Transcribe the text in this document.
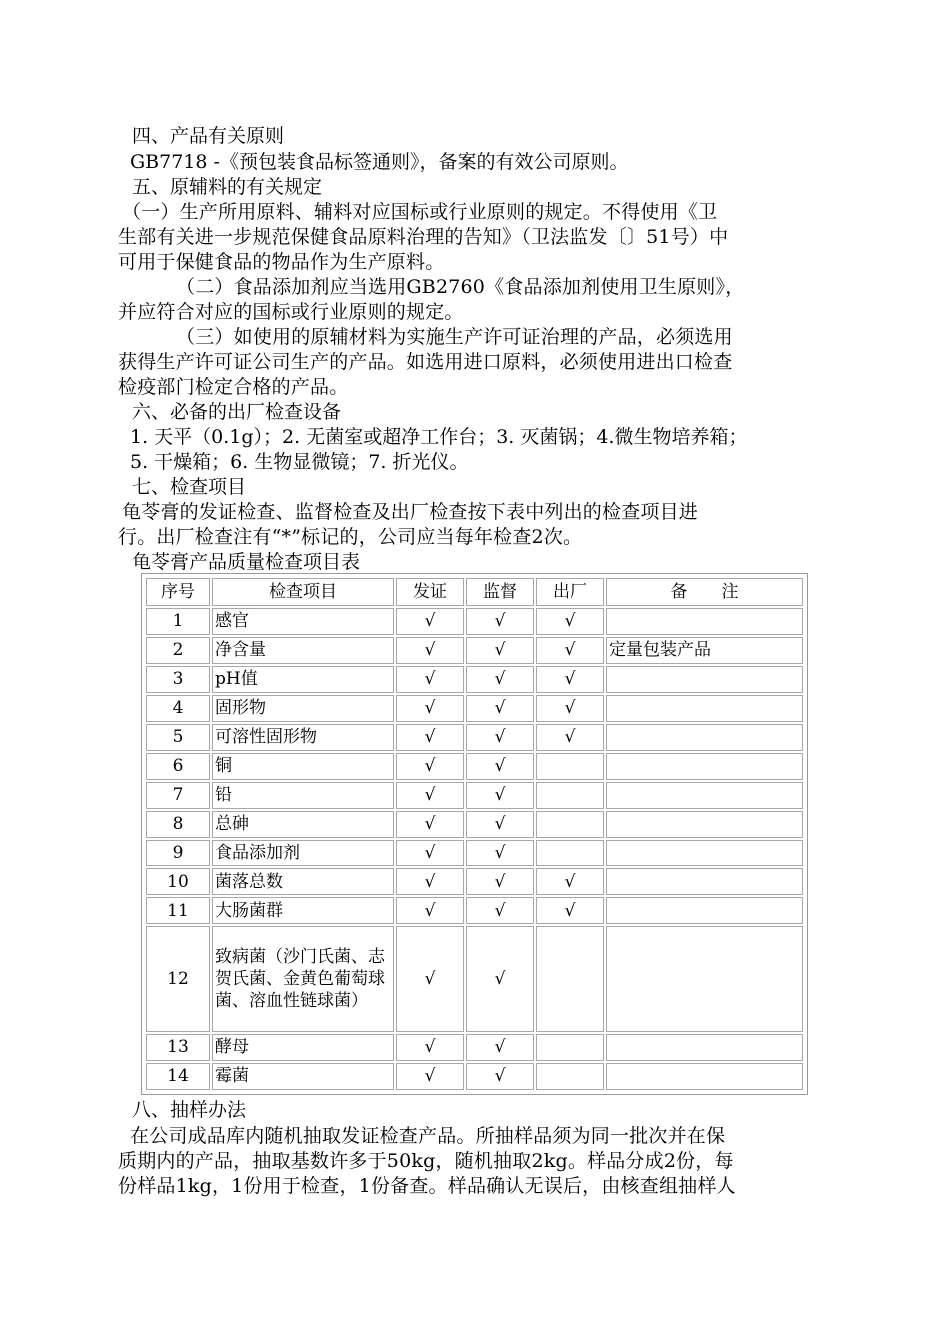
四、产品有关原则
GB7718 -《预包装食品标签通则》，备案的有效公司原则。
五、原辅料的有关规定
（一）生产所用原料、辅料对应国标或行业原则的规定。不得使用《卫
生部有关进一步规范保健食品原料治理的告知》（卫法监发〔〕51号）中
可用于保健食品的物品作为生产原料。
（二）食品添加剂应当选用GB2760《食品添加剂使用卫生原则》，
并应符合对应的国标或行业原则的规定。
（三）如使用的原辅材料为实施生产许可证治理的产品，必须选用
获得生产许可证公司生产的产品。如选用进口原料，必须使用进出口检查
检疫部门检定合格的产品。
六、必备的出厂检查设备
1. 天平（0.1g）；2. 无菌室或超净工作台；3. 灭菌锅；4.微生物培养箱；
5. 干燥箱；6. 生物显微镜；7. 折光仪。
七、检查项目
龟苓膏的发证检查、监督检查及出厂检查按下表中列出的检查项目进
行。出厂检查注有“*”标记的，公司应当每年检查2次。
龟苓膏产品质量检查项目表
序号	检查项目	发证	监督	出厂	备　　注
1	感官	√	√	√	
2	净含量	√	√	√	定量包装产品
3	pH值	√	√	√	
4	固形物	√	√	√	
5	可溶性固形物	√	√	√	
6	铜	√	√		
7	铅	√	√		
8	总砷	√	√		
9	食品添加剂	√	√		
10	菌落总数	√	√	√	
11	大肠菌群	√	√	√	
12	致病菌（沙门氏菌、志贺氏菌、金黄色葡萄球菌、溶血性链球菌）	√	√		
13	酵母	√	√		
14	霉菌	√	√		
八、抽样办法
在公司成品库内随机抽取发证检查产品。所抽样品须为同一批次并在保
质期内的产品，抽取基数许多于50kg，随机抽取2kg。样品分成2份，每
份样品1kg，1份用于检查，1份备查。样品确认无误后，由核查组抽样人
